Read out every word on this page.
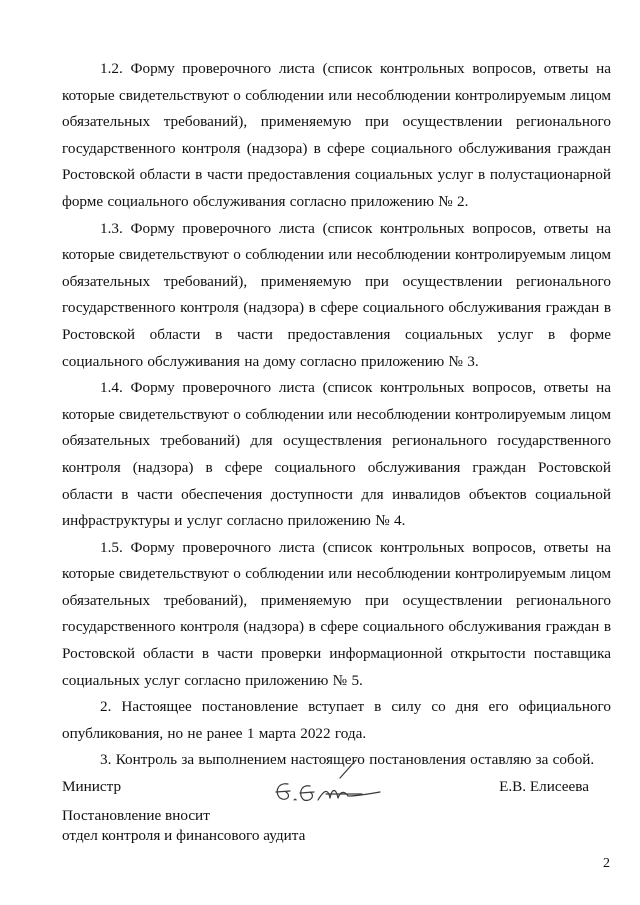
1.2. Форму проверочного листа (список контрольных вопросов, ответы на которые свидетельствуют о соблюдении или несоблюдении контролируемым лицом обязательных требований), применяемую при осуществлении регионального государственного контроля (надзора) в сфере социального обслуживания граждан Ростовской области в части предоставления социальных услуг в полустационарной форме социального обслуживания согласно приложению № 2.

1.3. Форму проверочного листа (список контрольных вопросов, ответы на которые свидетельствуют о соблюдении или несоблюдении контролируемым лицом обязательных требований), применяемую при осуществлении регионального государственного контроля (надзора) в сфере социального обслуживания граждан в Ростовской области в части предоставления социальных услуг в форме социального обслуживания на дому согласно приложению № 3.

1.4. Форму проверочного листа (список контрольных вопросов, ответы на которые свидетельствуют о соблюдении или несоблюдении контролируемым лицом обязательных требований) для осуществления регионального государственного контроля (надзора) в сфере социального обслуживания граждан Ростовской области в части обеспечения доступности для инвалидов объектов социальной инфраструктуры и услуг согласно приложению № 4.

1.5. Форму проверочного листа (список контрольных вопросов, ответы на которые свидетельствуют о соблюдении или несоблюдении контролируемым лицом обязательных требований), применяемую при осуществлении регионального государственного контроля (надзора) в сфере социального обслуживания граждан в Ростовской области в части проверки информационной открытости поставщика социальных услуг согласно приложению № 5.

2. Настоящее постановление вступает в силу со дня его официального опубликования, но не ранее 1 марта 2022 года.

3. Контроль за выполнением настоящего постановления оставляю за собой.

Министр	Е.В. Елисеева
Постановление вносит
отдел контроля и финансового аудита
2
